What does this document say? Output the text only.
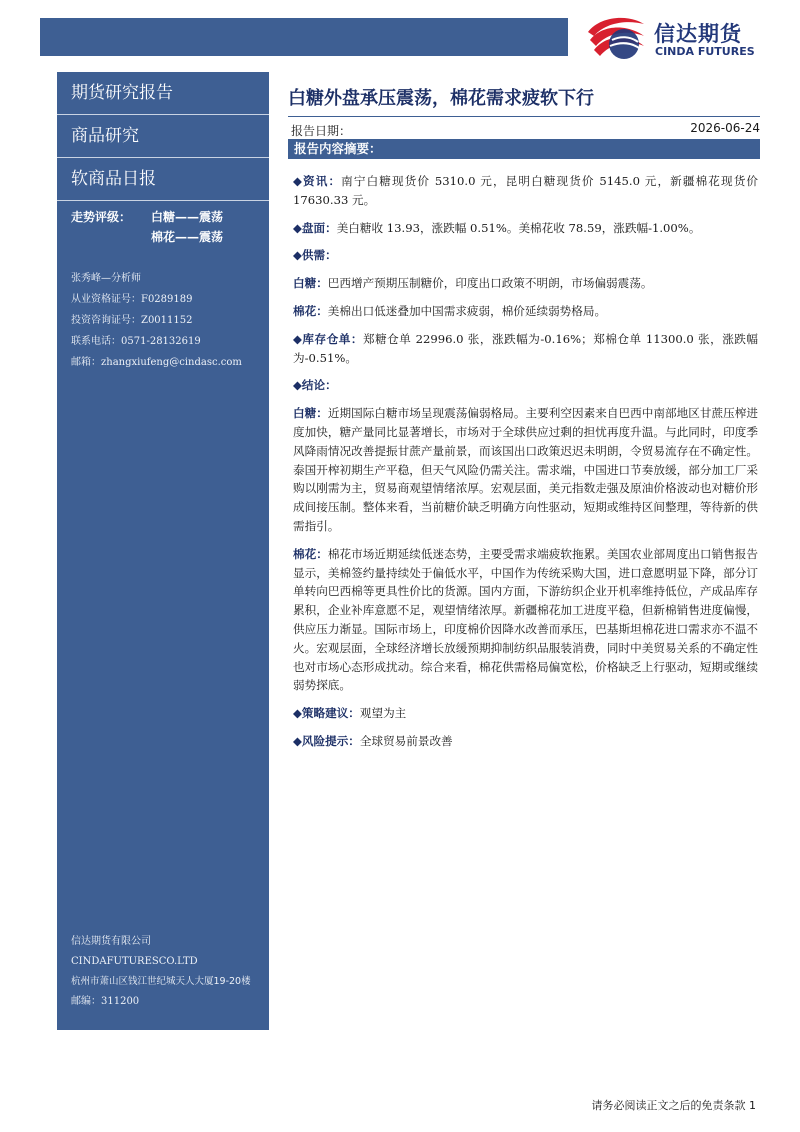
信达期货
CINDA FUTURES
期货研究报告
商品研究
软商品日报
走势评级： 白糖——震荡
棉花——震荡
张秀峰—分析师
从业资格证号：F0289189
投资咨询证号：Z0011152
联系电话：0571-28132619
邮箱：zhangxiufeng@cindasc.com
信达期货有限公司
CINDAFUTURESCO.LTD
杭州市萧山区钱江世纪城天人大厦19-20楼
邮编：311200
白糖外盘承压震荡，棉花需求疲软下行
报告日期：	2026-06-24
报告内容摘要：
◆资讯：南宁白糖现货价 5310.0 元，昆明白糖现货价 5145.0 元，新疆棉花现货价 17630.33 元。
◆盘面：美白糖收 13.93，涨跌幅 0.51%。美棉花收 78.59，涨跌幅-1.00%。
◆供需：
白糖：巴西增产预期压制糖价，印度出口政策不明朗，市场偏弱震荡。
棉花：美棉出口低迷叠加中国需求疲弱，棉价延续弱势格局。
◆库存仓单：郑糖仓单 22996.0 张，涨跌幅为-0.16%；郑棉仓单 11300.0 张，涨跌幅为-0.51%。
◆结论：
白糖：近期国际白糖市场呈现震荡偏弱格局。主要利空因素来自巴西中南部地区甘蔗压榨进度加快，糖产量同比显著增长，市场对于全球供应过剩的担忧再度升温。与此同时，印度季风降雨情况改善提振甘蔗产量前景，而该国出口政策迟迟未明朗，令贸易流存在不确定性。泰国开榨初期生产平稳，但天气风险仍需关注。需求端，中国进口节奏放缓，部分加工厂采购以刚需为主，贸易商观望情绪浓厚。宏观层面，美元指数走强及原油价格波动也对糖价形成间接压制。整体来看，当前糖价缺乏明确方向性驱动，短期或维持区间整理，等待新的供需指引。
棉花：棉花市场近期延续低迷态势，主要受需求端疲软拖累。美国农业部周度出口销售报告显示，美棉签约量持续处于偏低水平，中国作为传统采购大国，进口意愿明显下降，部分订单转向巴西棉等更具性价比的货源。国内方面，下游纺织企业开机率维持低位，产成品库存累积，企业补库意愿不足，观望情绪浓厚。新疆棉花加工进度平稳，但新棉销售进度偏慢，供应压力渐显。国际市场上，印度棉价因降水改善而承压，巴基斯坦棉花进口需求亦不温不火。宏观层面，全球经济增长放缓预期抑制纺织品服装消费，同时中美贸易关系的不确定性也对市场心态形成扰动。综合来看，棉花供需格局偏宽松，价格缺乏上行驱动，短期或继续弱势探底。
◆策略建议：观望为主
◆风险提示：全球贸易前景改善
请务必阅读正文之后的免责条款 1
